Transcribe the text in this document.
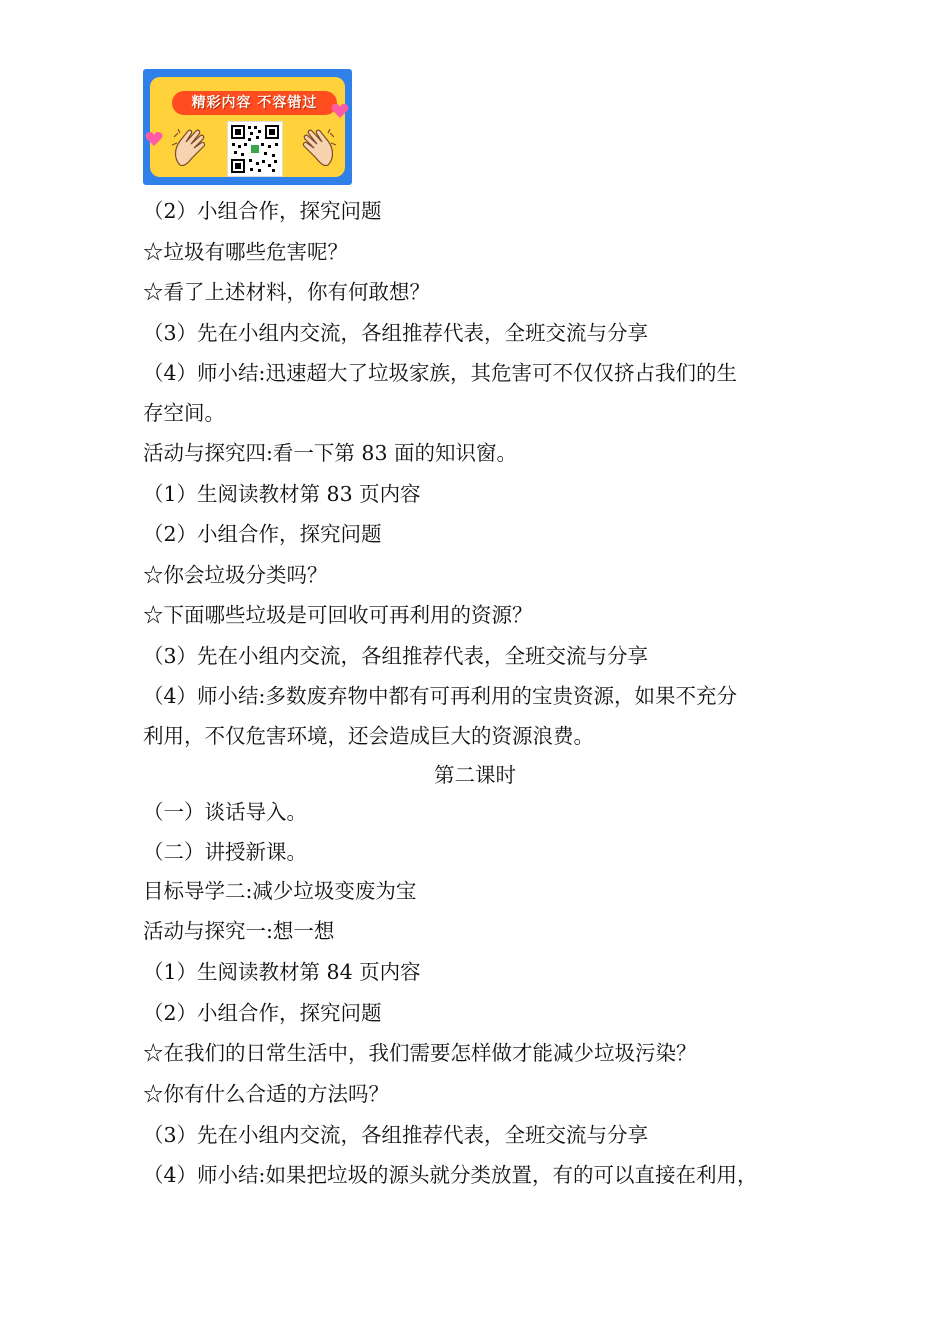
精彩内容 不容错过
（2）小组合作，探究问题
☆垃圾有哪些危害呢？
☆看了上述材料，你有何敢想？
（3）先在小组内交流，各组推荐代表，全班交流与分享
（4）师小结:迅速超大了垃圾家族，其危害可不仅仅挤占我们的生
存空间。
活动与探究四:看一下第 83 面的知识窗。
（1）生阅读教材第 83 页内容
（2）小组合作，探究问题
☆你会垃圾分类吗？
☆下面哪些垃圾是可回收可再利用的资源？
（3）先在小组内交流，各组推荐代表，全班交流与分享
（4）师小结:多数废弃物中都有可再利用的宝贵资源，如果不充分
利用，不仅危害环境，还会造成巨大的资源浪费。
第二课时
（一）谈话导入。
（二）讲授新课。
目标导学二:减少垃圾变废为宝
活动与探究一:想一想
（1）生阅读教材第 84 页内容
（2）小组合作，探究问题
☆在我们的日常生活中，我们需要怎样做才能减少垃圾污染？
☆你有什么合适的方法吗？
（3）先在小组内交流，各组推荐代表，全班交流与分享
（4）师小结:如果把垃圾的源头就分类放置，有的可以直接在利用，
